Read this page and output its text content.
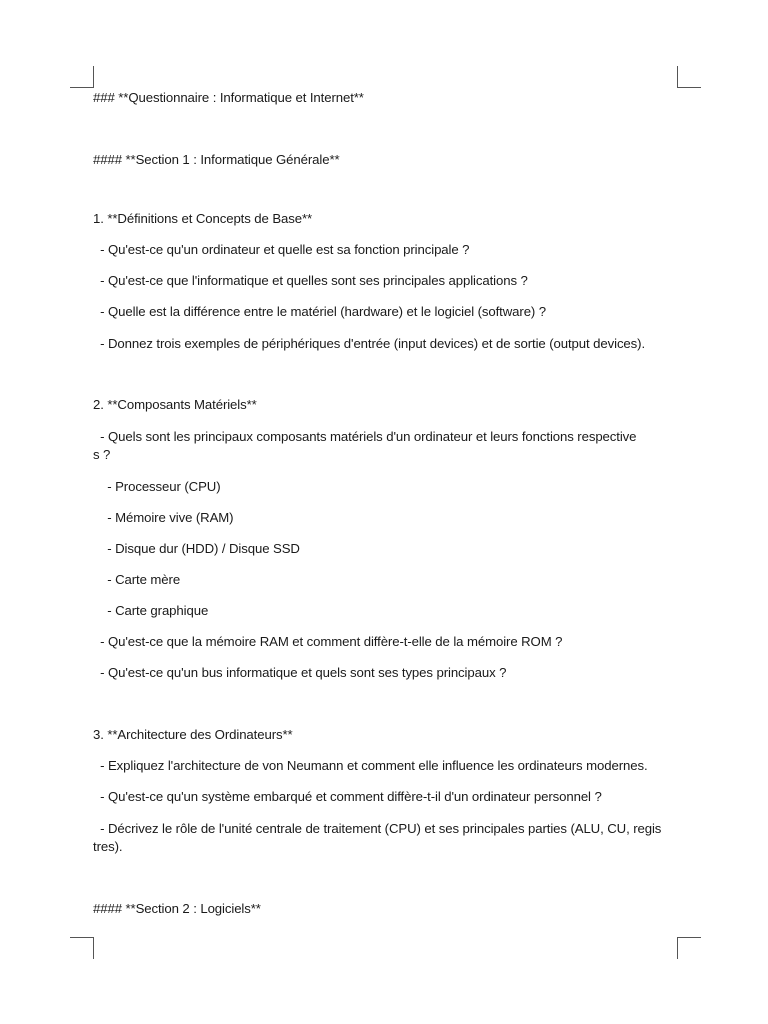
### **Questionnaire : Informatique et Internet**
#### **Section 1 : Informatique Générale**
1. **Définitions et Concepts de Base**
- Qu'est-ce qu'un ordinateur et quelle est sa fonction principale ?
- Qu'est-ce que l'informatique et quelles sont ses principales applications ?
- Quelle est la différence entre le matériel (hardware) et le logiciel (software) ?
- Donnez trois exemples de périphériques d'entrée (input devices) et de sortie (output devices).
2. **Composants Matériels**
- Quels sont les principaux composants matériels d'un ordinateur et leurs fonctions respective
s ?
- Processeur (CPU)
- Mémoire vive (RAM)
- Disque dur (HDD) / Disque SSD
- Carte mère
- Carte graphique
- Qu'est-ce que la mémoire RAM et comment diffère-t-elle de la mémoire ROM ?
- Qu'est-ce qu'un bus informatique et quels sont ses types principaux ?
3. **Architecture des Ordinateurs**
- Expliquez l'architecture de von Neumann et comment elle influence les ordinateurs modernes.
- Qu'est-ce qu'un système embarqué et comment diffère-t-il d'un ordinateur personnel ?
- Décrivez le rôle de l'unité centrale de traitement (CPU) et ses principales parties (ALU, CU, regis
tres).
#### **Section 2 : Logiciels**
